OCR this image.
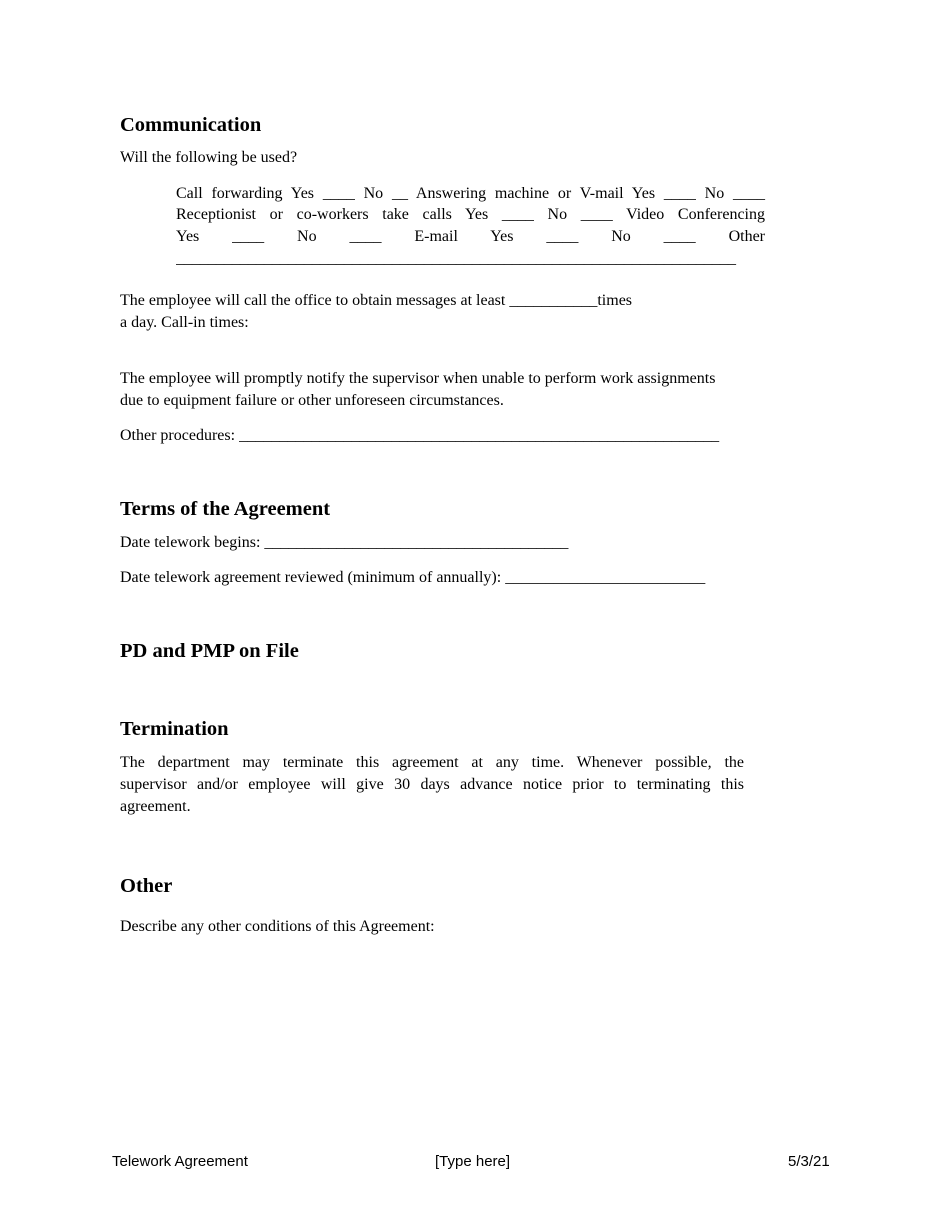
Communication

Will the following be used?

Call forwarding Yes ____ No __ Answering machine or V-mail Yes ____ No ____

Receptionist or co-workers take calls Yes ____ No ____ Video Conferencing

Yes ____ No ____ E-mail Yes ____ No ____ Other

______________________________________________________________________

The employee will call the office to obtain messages at least ___________times

a day. Call-in times:

The employee will promptly notify the supervisor when unable to perform work assignments

due to equipment failure or other unforeseen circumstances.

Other procedures: ____________________________________________________________

Terms of the Agreement

Date telework begins: ______________________________________

Date telework agreement reviewed (minimum of annually): _________________________

PD and PMP on File
Termination

The department may terminate this agreement at any time. Whenever possible, the

supervisor and/or employee will give 30 days advance notice prior to terminating this

agreement.

Other

Describe any other conditions of this Agreement:

Telework Agreement	[Type here]	5/3/21
